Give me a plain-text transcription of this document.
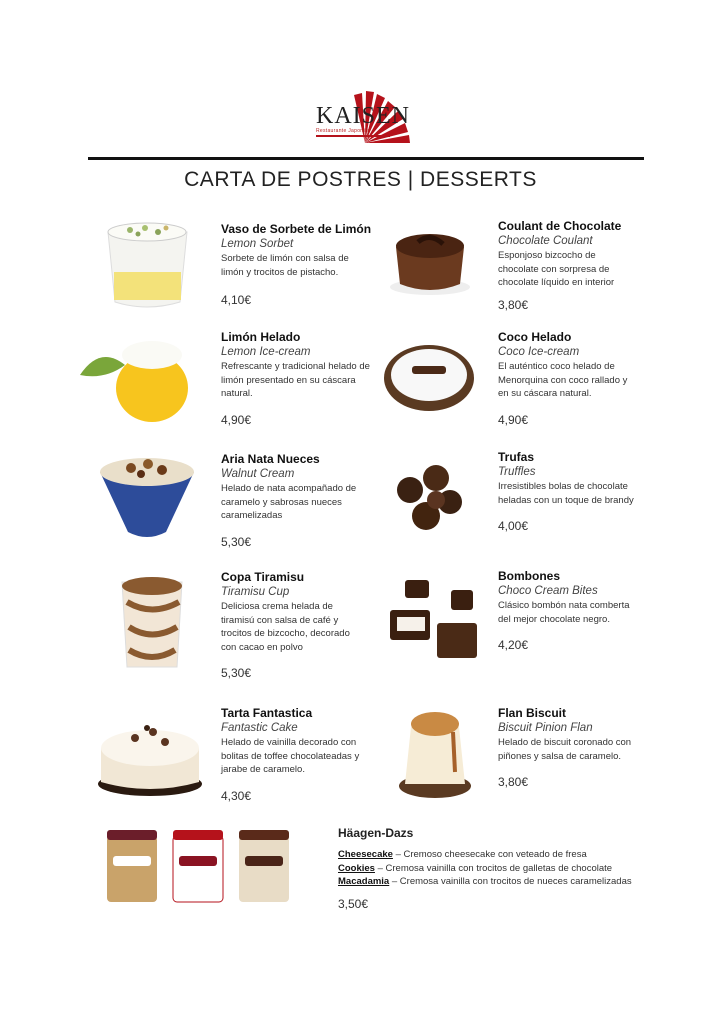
KAISEN
Restaurante Japonés
CARTA DE POSTRES | DESSERTS
Vaso de Sorbete de Limón
Lemon Sorbet
Sorbete de limón con salsa de limón y trocitos de pistacho.
4,10€
Coulant de Chocolate
Chocolate Coulant
Esponjoso bizcocho de chocolate con sorpresa de chocolate líquido en interior
3,80€
Limón Helado
Lemon Ice-cream
Refrescante y tradicional helado de limón presentado en su cáscara natural.
4,90€
Coco Helado
Coco Ice-cream
El auténtico coco helado de Menorquina con coco rallado y en su cáscara natural.
4,90€
Aria Nata Nueces
Walnut Cream
Helado de nata acompañado de caramelo y sabrosas nueces caramelizadas
5,30€
Trufas
Truffles
Irresistibles bolas de chocolate heladas con un toque de brandy
4,00€
Copa Tiramisu
Tiramisu Cup
Deliciosa crema helada de tiramisú con salsa de café y trocitos de bizcocho, decorado con cacao en polvo
5,30€
Bombones
Choco Cream Bites
Clásico bombón nata comberta del mejor chocolate negro.
4,20€
Tarta Fantastica
Fantastic Cake
Helado de vainilla decorado con bolitas de toffee chocolateadas y jarabe de caramelo.
4,30€
Flan Biscuit
Biscuit Pinion Flan
Helado de biscuit coronado con piñones y salsa de caramelo.
3,80€
Häagen-Dazs
Cheesecake – Cremoso cheesecake con veteado de fresa
Cookies – Cremosa vainilla con trocitos de galletas de chocolate
Macadamia – Cremosa vainilla con trocitos de nueces caramelizadas
3,50€
